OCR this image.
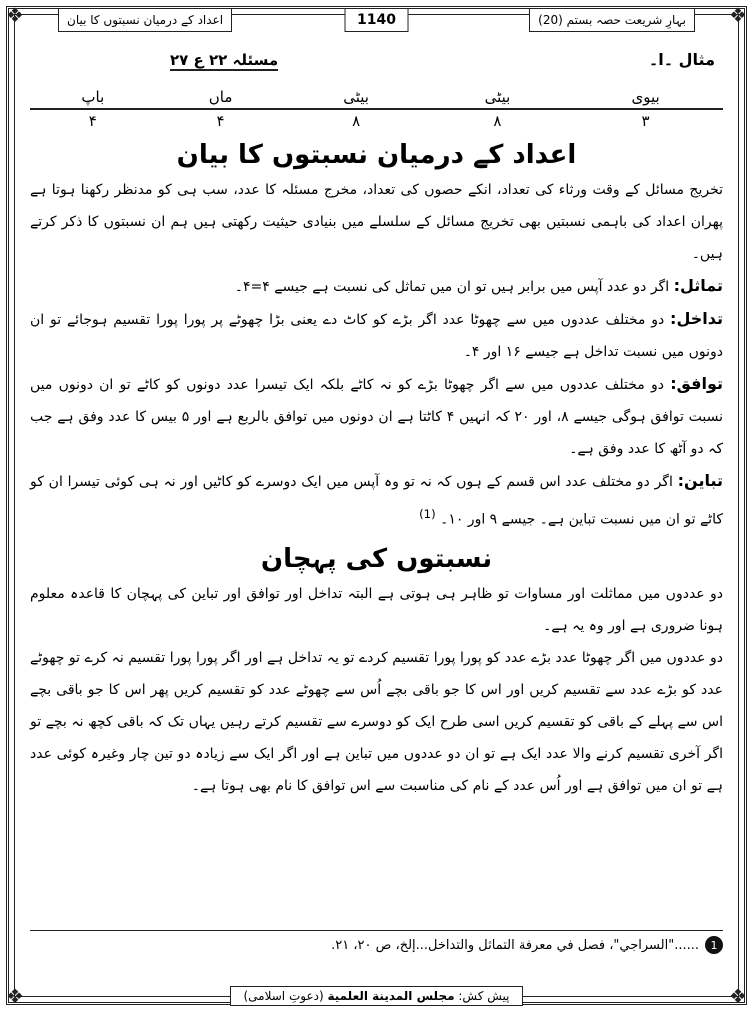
❖	❖
❖	❖
بہارِ شریعت حصہ بستم (20)
1140
اعداد کے درمیان نسبتوں کا بیان
مثال ۔ا۔
مسئلہ ۲۲ ع ۲۷
بیوی	بیٹی	بیٹی	ماں	باپ
۳	۸	۸	۴	۴
اعداد کے درمیان نسبتوں کا بیان

تخریج مسائل کے وقت ورثاء کی تعداد، انکے حصوں کی تعداد، مخرج مسئلہ کا عدد، سب ہی کو مدنظر رکھنا ہوتا ہے پھران اعداد کی باہمی نسبتیں بھی تخریج مسائل کے سلسلے میں بنیادی حیثیت رکھتی ہیں ہم ان نسبتوں کا ذکر کرتے ہیں۔

تماثل: اگر دو عدد آپس میں برابر ہیں تو ان میں تماثل کی نسبت ہے جیسے ۴=۴۔

تداخل: دو مختلف عددوں میں سے چھوٹا عدد اگر بڑے کو کاٹ دے یعنی بڑا چھوٹے پر پورا پورا تقسیم ہوجائے تو ان دونوں میں نسبت تداخل ہے جیسے ۱۶ اور ۴۔

توافق: دو مختلف عددوں میں سے اگر چھوٹا بڑے کو نہ کاٹے بلکہ ایک تیسرا عدد دونوں کو کاٹے تو ان دونوں میں نسبت توافق ہوگی جیسے ۸، اور ۲۰ کہ انہیں ۴ کاٹتا ہے ان دونوں میں توافق بالربع ہے اور ۵ بیس کا عدد وفق ہے جب کہ دو آٹھ کا عدد وفق ہے۔

تباین: اگر دو مختلف عدد اس قسم کے ہوں کہ نہ تو وہ آپس میں ایک دوسرے کو کاٹیں اور نہ ہی کوئی تیسرا ان کو کاٹے تو ان میں نسبت تباین ہے۔ جیسے ۹ اور ۱۰۔ $^{(1)}$

نسبتوں کی پہچان

دو عددوں میں مماثلت اور مساوات تو ظاہر ہی ہوتی ہے البتہ تداخل اور توافق اور تباین کی پہچان کا قاعدہ معلوم ہونا ضروری ہے اور وہ یہ ہے۔

دو عددوں میں اگر چھوٹا عدد بڑے عدد کو پورا پورا تقسیم کردے تو یہ تداخل ہے اور اگر پورا پورا تقسیم نہ کرے تو چھوٹے عدد کو بڑے عدد سے تقسیم کریں اور اس کا جو باقی بچے اُس سے چھوٹے عدد کو تقسیم کریں پھر اس کا جو باقی بچے اس سے پہلے کے باقی کو تقسیم کریں اسی طرح ایک کو دوسرے سے تقسیم کرتے رہیں یہاں تک کہ باقی کچھ نہ بچے تو اگر آخری تقسیم کرنے والا عدد ایک ہے تو ان دو عددوں میں تباین ہے اور اگر ایک سے زیادہ دو تین چار وغیرہ کوئی عدد ہے تو ان میں توافق ہے اور اُس عدد کے نام کی مناسبت سے اس توافق کا نام بھی ہوتا ہے۔

1
......"السراجي"، فصل في معرفة التماثل والتداخل...إلخ، ص ٢٠، ٢١.
پیش کش: مجلس المدينة العلمية (دعوتِ اسلامی)
